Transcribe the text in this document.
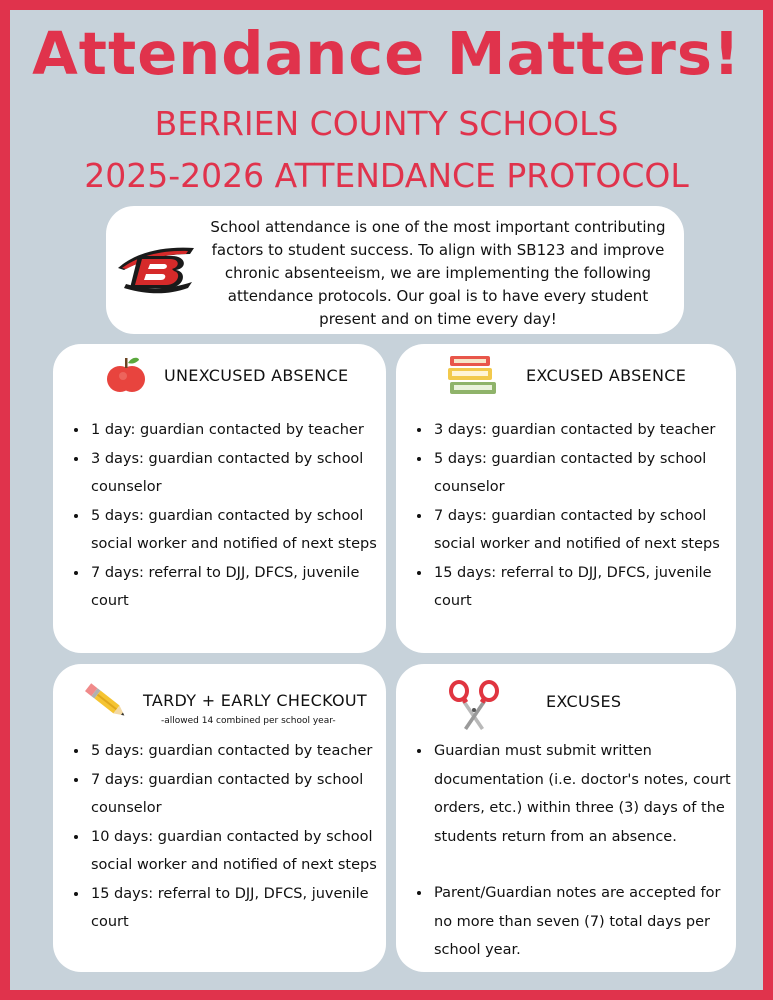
Attendance Matters!
BERRIEN COUNTY SCHOOLS
2025-2026 ATTENDANCE PROTOCOL

School attendance is one of the most important contributing factors to student success. To align with SB123 and improve chronic absenteeism, we are implementing the following attendance protocols. Our goal is to have every student present and on time every day!

UNEXCUSED ABSENCE
• 1 day: guardian contacted by teacher
• 3 days: guardian contacted by school counselor
• 5 days: guardian contacted by school social worker and notified of next steps
• 7 days: referral to DJJ, DFCS, juvenile court
EXCUSED ABSENCE
• 3 days: guardian contacted by teacher
• 5 days: guardian contacted by school counselor
• 7 days: guardian contacted by school social worker and notified of next steps
• 15 days: referral to DJJ, DFCS, juvenile court
TARDY + EARLY CHECKOUT
-allowed 14 combined per school year-
• 5 days: guardian contacted by teacher
• 7 days: guardian contacted by school counselor
• 10 days: guardian contacted by school social worker and notified of next steps
• 15 days: referral to DJJ, DFCS, juvenile court
EXCUSES
• Guardian must submit written documentation (i.e. doctor's notes, court orders, etc.) within three (3) days of the students return from an absence.
• Parent/Guardian notes are accepted for no more than seven (7) total days per school year.
